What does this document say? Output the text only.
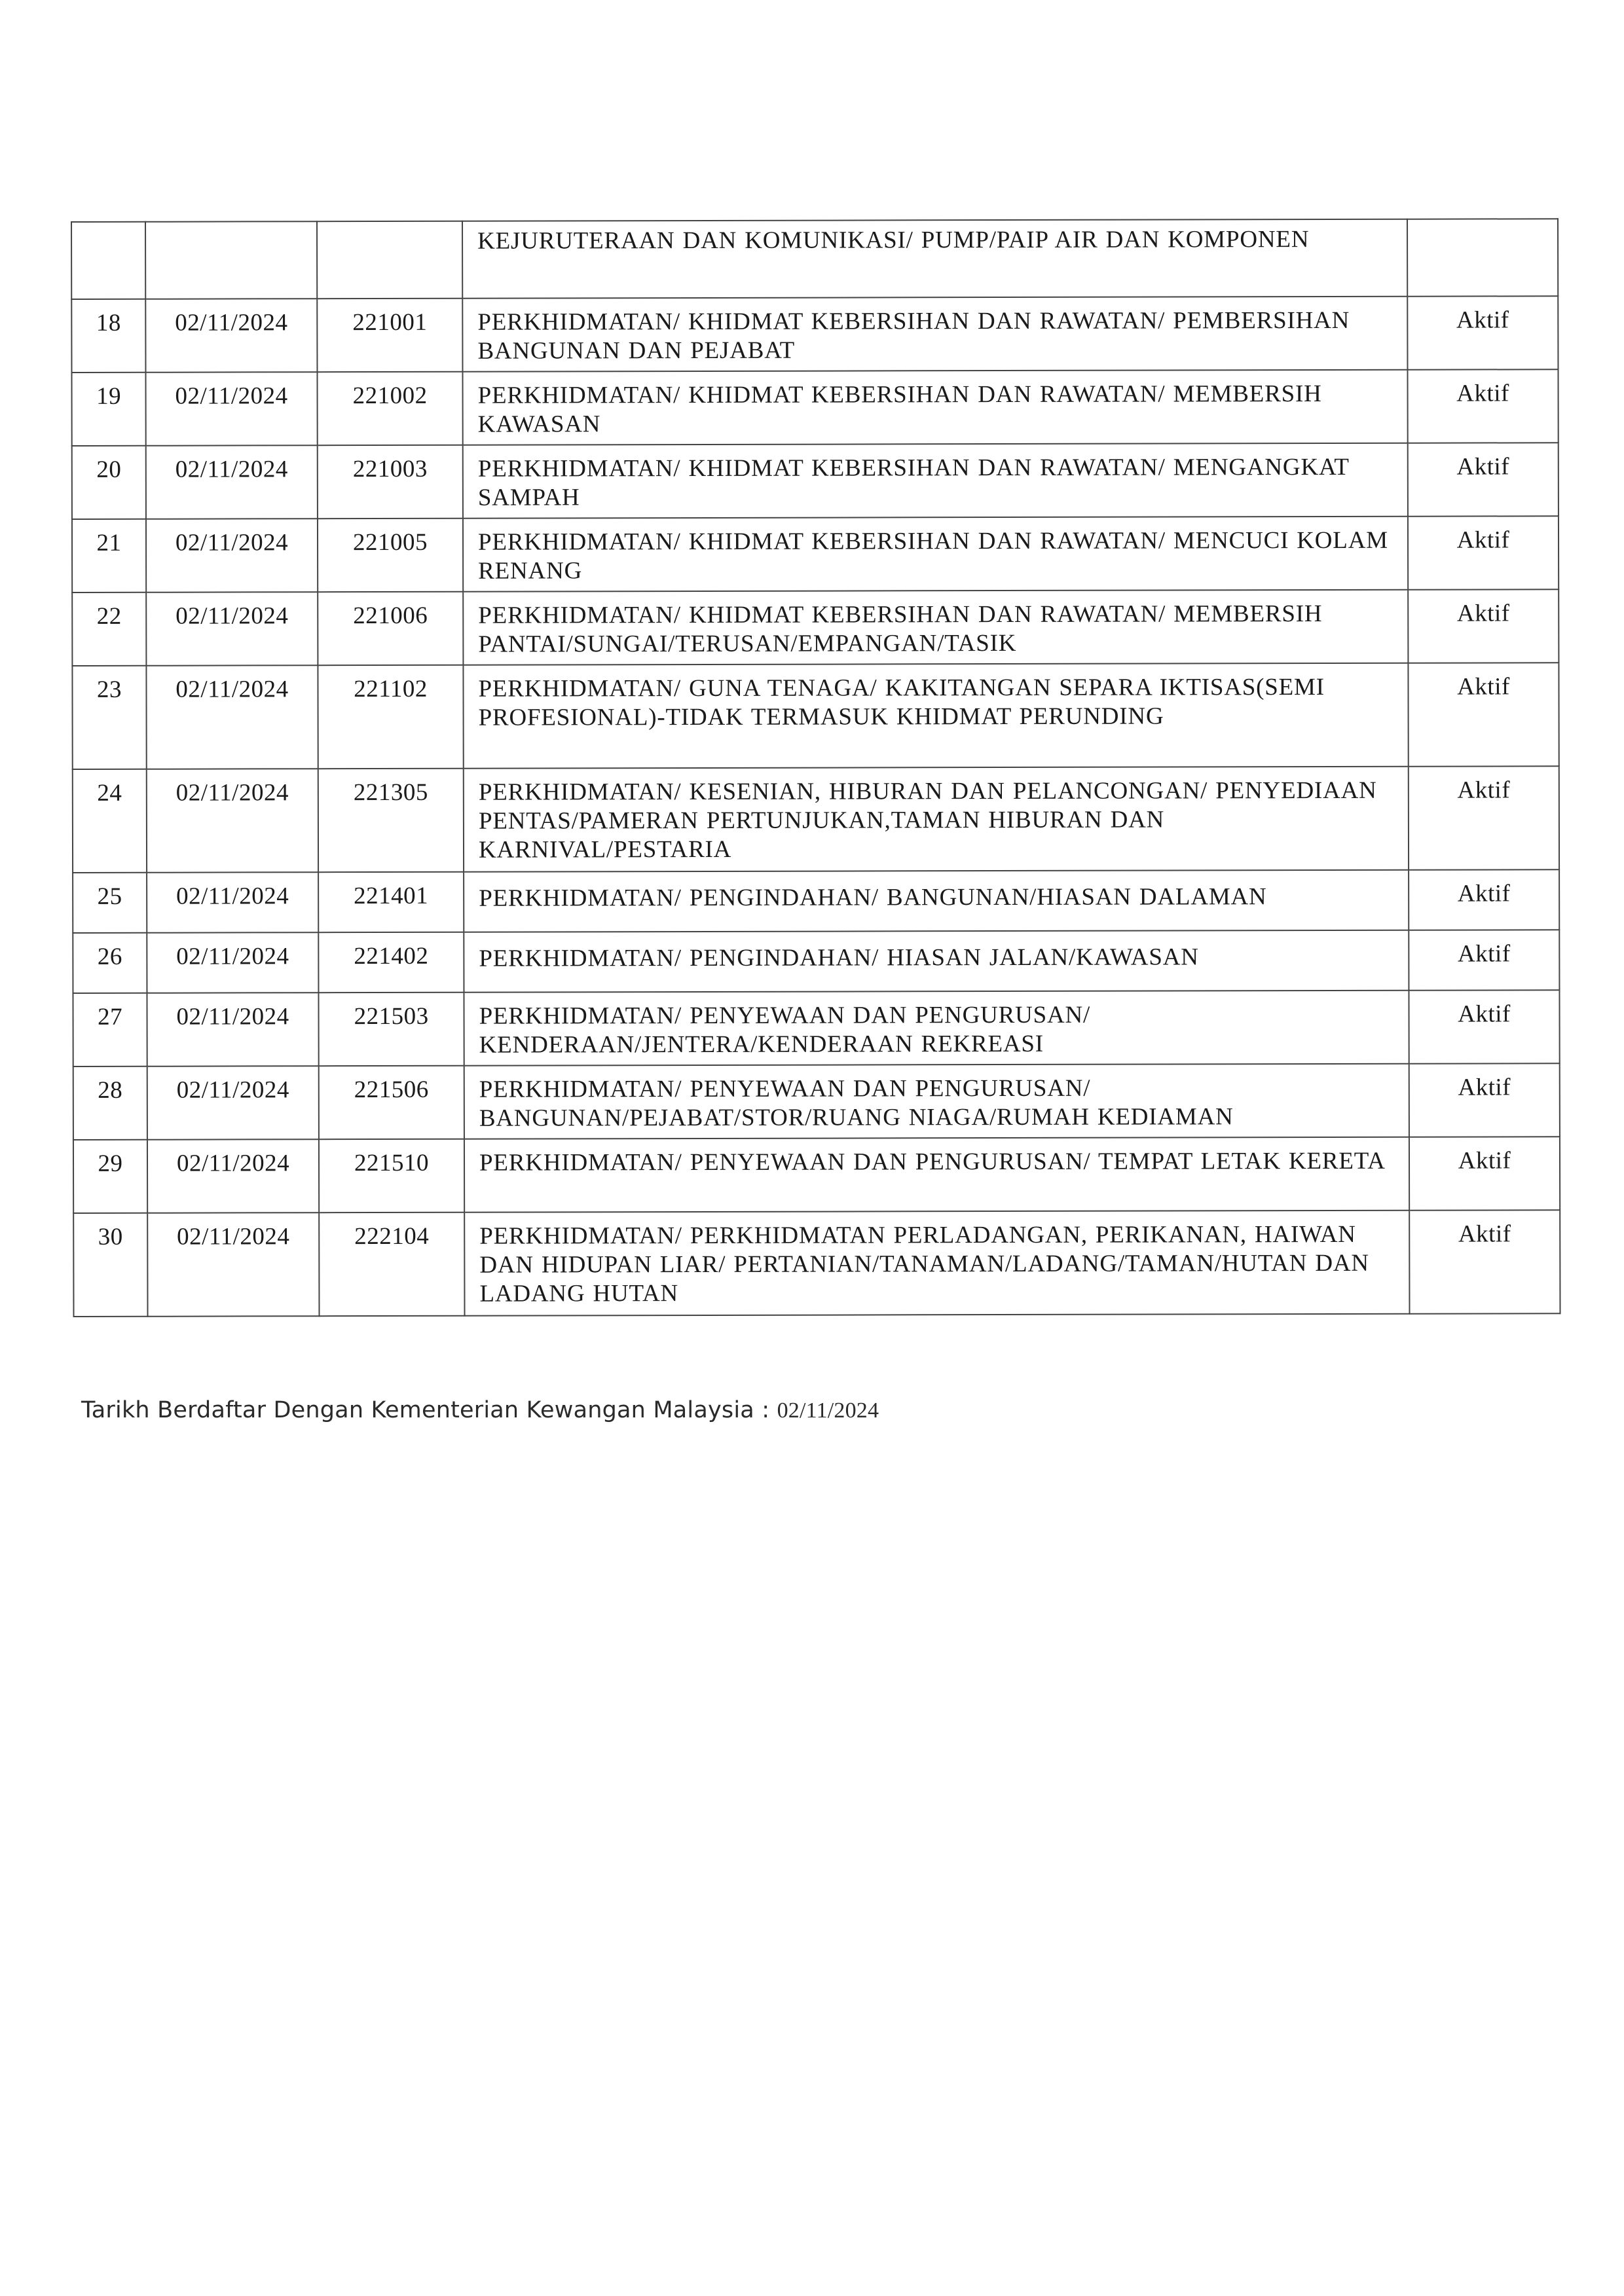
			KEJURUTERAAN DAN KOMUNIKASI/ PUMP/PAIP AIR DAN KOMPONEN	
18	02/11/2024	221001	PERKHIDMATAN/ KHIDMAT KEBERSIHAN DAN RAWATAN/ PEMBERSIHAN BANGUNAN DAN PEJABAT	Aktif
19	02/11/2024	221002	PERKHIDMATAN/ KHIDMAT KEBERSIHAN DAN RAWATAN/ MEMBERSIH KAWASAN	Aktif
20	02/11/2024	221003	PERKHIDMATAN/ KHIDMAT KEBERSIHAN DAN RAWATAN/ MENGANGKAT SAMPAH	Aktif
21	02/11/2024	221005	PERKHIDMATAN/ KHIDMAT KEBERSIHAN DAN RAWATAN/ MENCUCI KOLAM RENANG	Aktif
22	02/11/2024	221006	PERKHIDMATAN/ KHIDMAT KEBERSIHAN DAN RAWATAN/ MEMBERSIH PANTAI/SUNGAI/TERUSAN/EMPANGAN/TASIK	Aktif
23	02/11/2024	221102	PERKHIDMATAN/ GUNA TENAGA/ KAKITANGAN SEPARA IKTISAS(SEMI PROFESIONAL)-TIDAK TERMASUK KHIDMAT PERUNDING	Aktif
24	02/11/2024	221305	PERKHIDMATAN/ KESENIAN, HIBURAN DAN PELANCONGAN/ PENYEDIAAN PENTAS/PAMERAN PERTUNJUKAN,TAMAN HIBURAN DAN KARNIVAL/PESTARIA	Aktif
25	02/11/2024	221401	PERKHIDMATAN/ PENGINDAHAN/ BANGUNAN/HIASAN DALAMAN	Aktif
26	02/11/2024	221402	PERKHIDMATAN/ PENGINDAHAN/ HIASAN JALAN/KAWASAN	Aktif
27	02/11/2024	221503	PERKHIDMATAN/ PENYEWAAN DAN PENGURUSAN/ KENDERAAN/JENTERA/KENDERAAN REKREASI	Aktif
28	02/11/2024	221506	PERKHIDMATAN/ PENYEWAAN DAN PENGURUSAN/ BANGUNAN/PEJABAT/STOR/RUANG NIAGA/RUMAH KEDIAMAN	Aktif
29	02/11/2024	221510	PERKHIDMATAN/ PENYEWAAN DAN PENGURUSAN/ TEMPAT LETAK KERETA	Aktif
30	02/11/2024	222104	PERKHIDMATAN/ PERKHIDMATAN PERLADANGAN, PERIKANAN, HAIWAN DAN HIDUPAN LIAR/ PERTANIAN/TANAMAN/LADANG/TAMAN/HUTAN DAN LADANG HUTAN	Aktif
Tarikh Berdaftar Dengan Kementerian Kewangan Malaysia : 02/11/2024
